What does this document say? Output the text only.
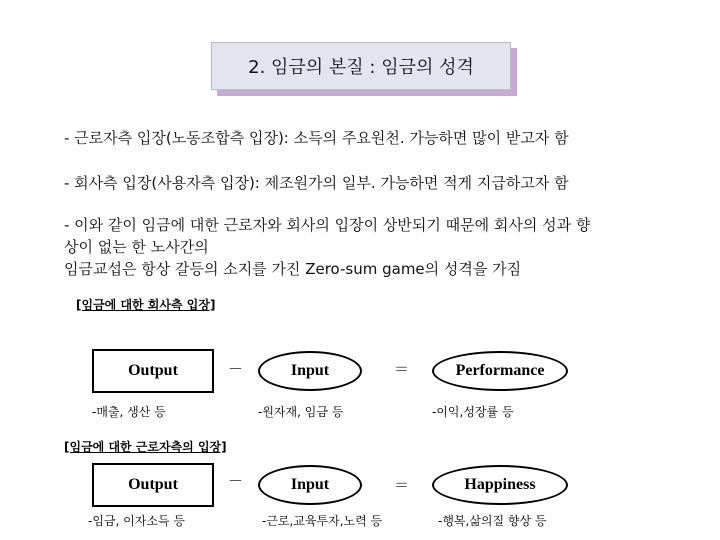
2. 임금의 본질 : 임금의 성격
- 근로자측 입장(노동조합측 입장): 소득의 주요원천. 가능하면 많이 받고자 함
- 회사측 입장(사용자측 입장): 제조원가의 일부. 가능하면 적게 지급하고자 함
- 이와 같이 임금에 대한 근로자와 회사의 입장이 상반되기 때문에 회사의 성과 향
상이 없는 한 노사간의
임금교섭은 항상 갈등의 소지를 가진 Zero-sum game의 성격을 가짐
[임금에 대한 회사측 입장]
Output	－	Input	＝	Performance
-매출, 생산 등	-원자재, 임금 등	-이익,성장률 등
[임금에 대한 근로자측의 입장]
Output	－	Input	＝	Happiness
-임금, 이자소득 등	-근로,교육투자,노력 등	-행복,삶의질 향상 등
